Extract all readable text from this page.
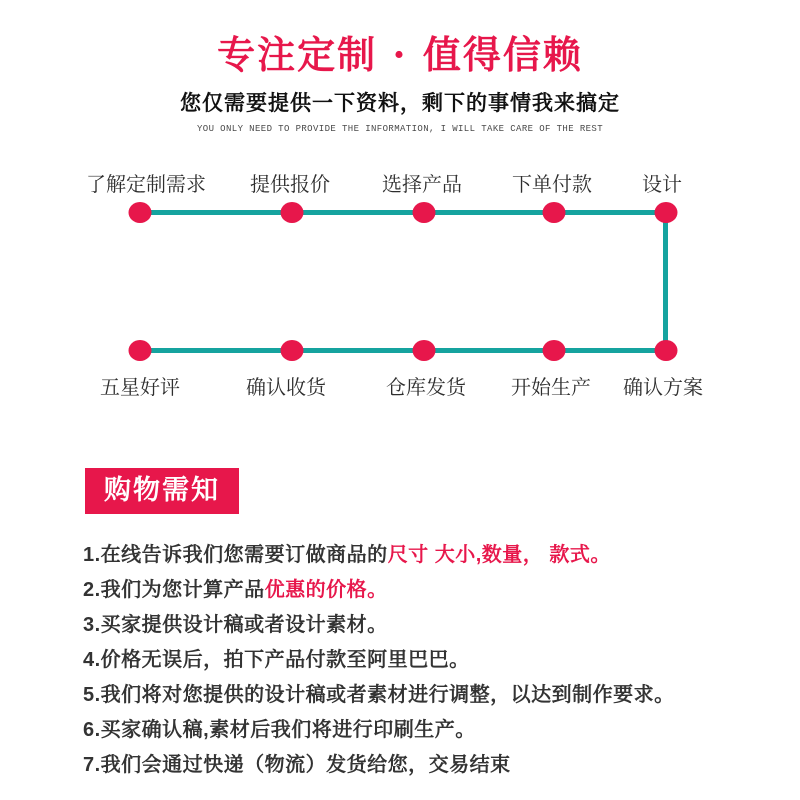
专注定制 · 值得信赖

您仅需要提供一下资料，剩下的事情我来搞定

YOU ONLY NEED TO PROVIDE THE INFORMATION, I WILL TAKE CARE OF THE REST

了解定制需求 提供报价	选择产品	下单付款	设计
五星好评	确认收货	仓库发货 开始生产 确认方案
购物需知
1.在线告诉我们您需要订做商品的尺寸 大小,数量， 款式。
2.我们为您计算产品优惠的价格。
3.买家提供设计稿或者设计素材。
4.价格无误后，拍下产品付款至阿里巴巴。
5.我们将对您提供的设计稿或者素材进行调整，以达到制作要求。
6.买家确认稿,素材后我们将进行印刷生产。
7.我们会通过快递（物流）发货给您，交易结束
